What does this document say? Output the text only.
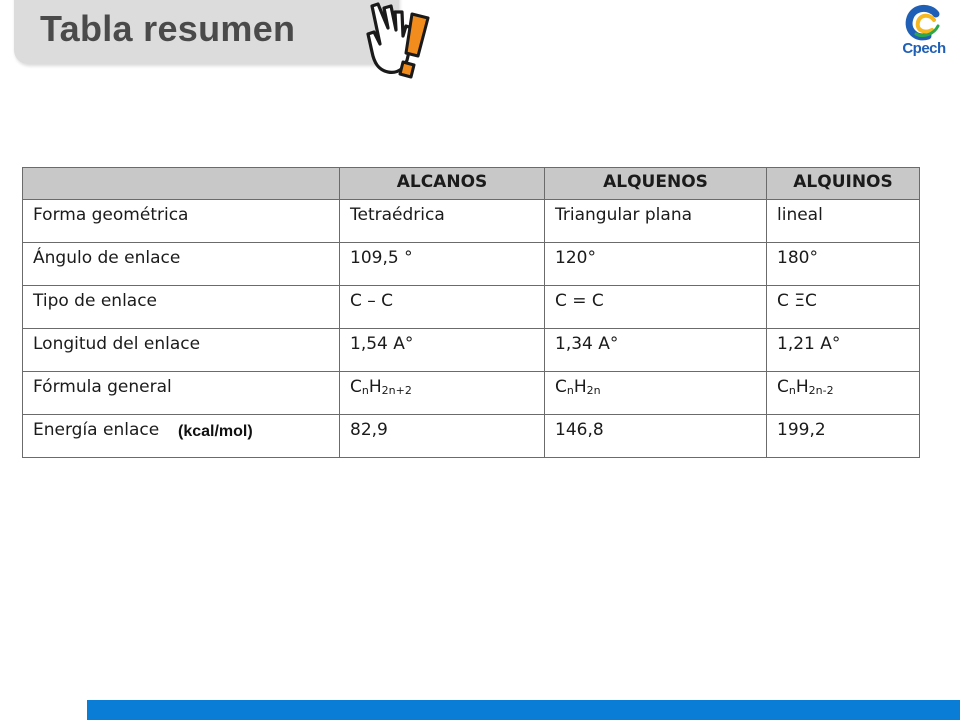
Tabla resumen	Cpech
	ALCANOS	ALQUENOS	ALQUINOS
Forma geométrica	Tetraédrica	Triangular plana	lineal
Ángulo de enlace	109,5 °	120°	180°
Tipo de enlace	C – C	C = C	C ΞC
Longitud del enlace	1,54 A°	1,34 A°	1,21 A°
Fórmula general	$C_nH_{2n+2}$	$C_nH_{2n}$	$C_nH_{2n-2}$
Energía enlace	82,9	146,8	199,2
(kcal/mol)
